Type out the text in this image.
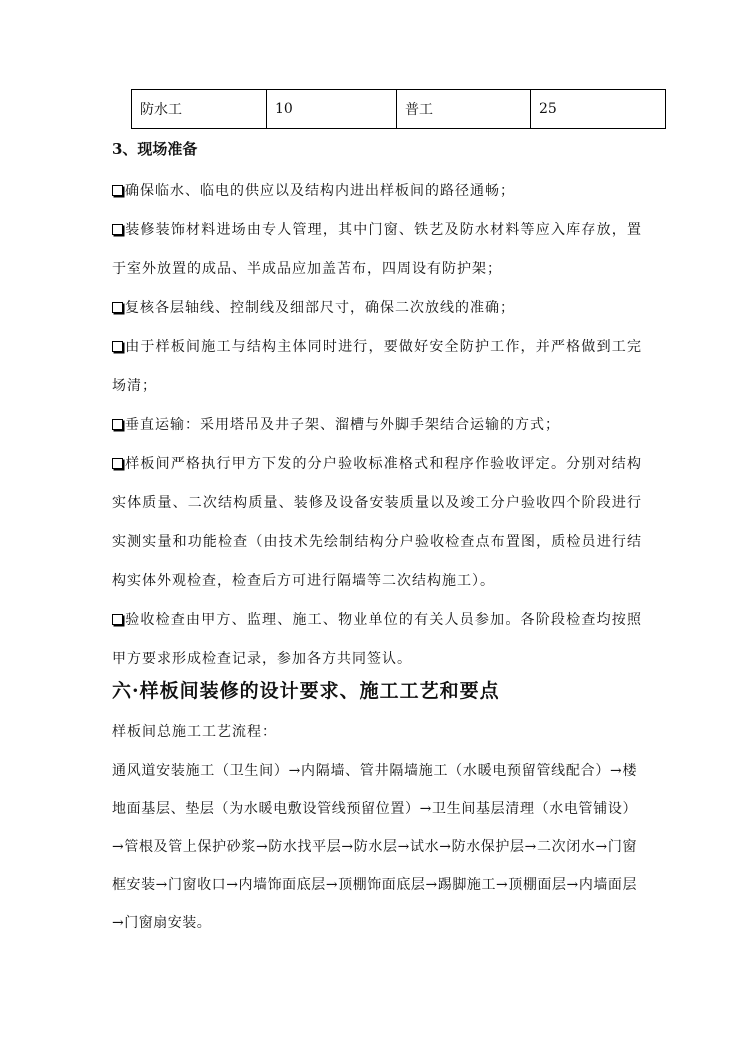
防水工	10	普工	25
3、现场准备

确保临水、临电的供应以及结构内进出样板间的路径通畅；

装修装饰材料进场由专人管理，其中门窗、铁艺及防水材料等应入库存放，置于室外放置的成品、半成品应加盖苫布，四周设有防护架；

复核各层轴线、控制线及细部尺寸，确保二次放线的准确；

由于样板间施工与结构主体同时进行，要做好安全防护工作，并严格做到工完场清；

垂直运输：采用塔吊及井子架、溜槽与外脚手架结合运输的方式；

样板间严格执行甲方下发的分户验收标准格式和程序作验收评定。分别对结构实体质量、二次结构质量、装修及设备安装质量以及竣工分户验收四个阶段进行实测实量和功能检查（由技术先绘制结构分户验收检查点布置图，质检员进行结构实体外观检查，检查后方可进行隔墙等二次结构施工）。

验收检查由甲方、监理、施工、物业单位的有关人员参加。各阶段检查均按照甲方要求形成检查记录，参加各方共同签认。

六·样板间装修的设计要求、施工工艺和要点
样板间总施工工艺流程：
通风道安装施工（卫生间）→内隔墙、管井隔墙施工（水暖电预留管线配合）→楼地面基层、垫层（为水暖电敷设管线预留位置）→卫生间基层清理（水电管铺设）→管根及管上保护砂浆→防水找平层→防水层→试水→防水保护层→二次闭水→门窗框安装→门窗收口→内墙饰面底层→顶棚饰面底层→踢脚施工→顶棚面层→内墙面层→门窗扇安装。
